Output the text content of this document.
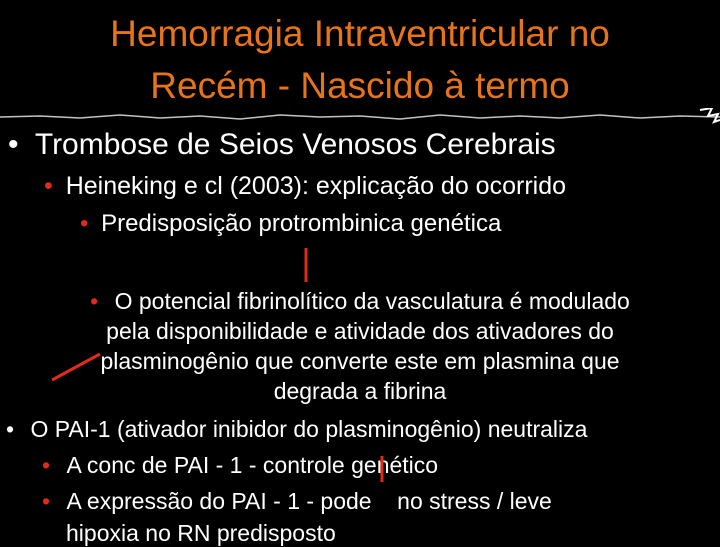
Hemorragia Intraventricular no
Recém - Nascido à termo
• Trombose de Seios Venosos Cerebrais
• Heineking e cl (2003): explicação do ocorrido
• Predisposição protrombinica genética
• O potencial fibrinolítico da vasculatura é modulado
pela disponibilidade e atividade dos ativadores do
plasminogênio que converte este em plasmina que
degrada a fibrina
• O PAI-1 (ativador inibidor do plasminogênio) neutraliza
• A conc de PAI - 1 - controle genético
• A expressão do PAI - 1 - pode    no stress / leve
hipoxia no RN predisposto
